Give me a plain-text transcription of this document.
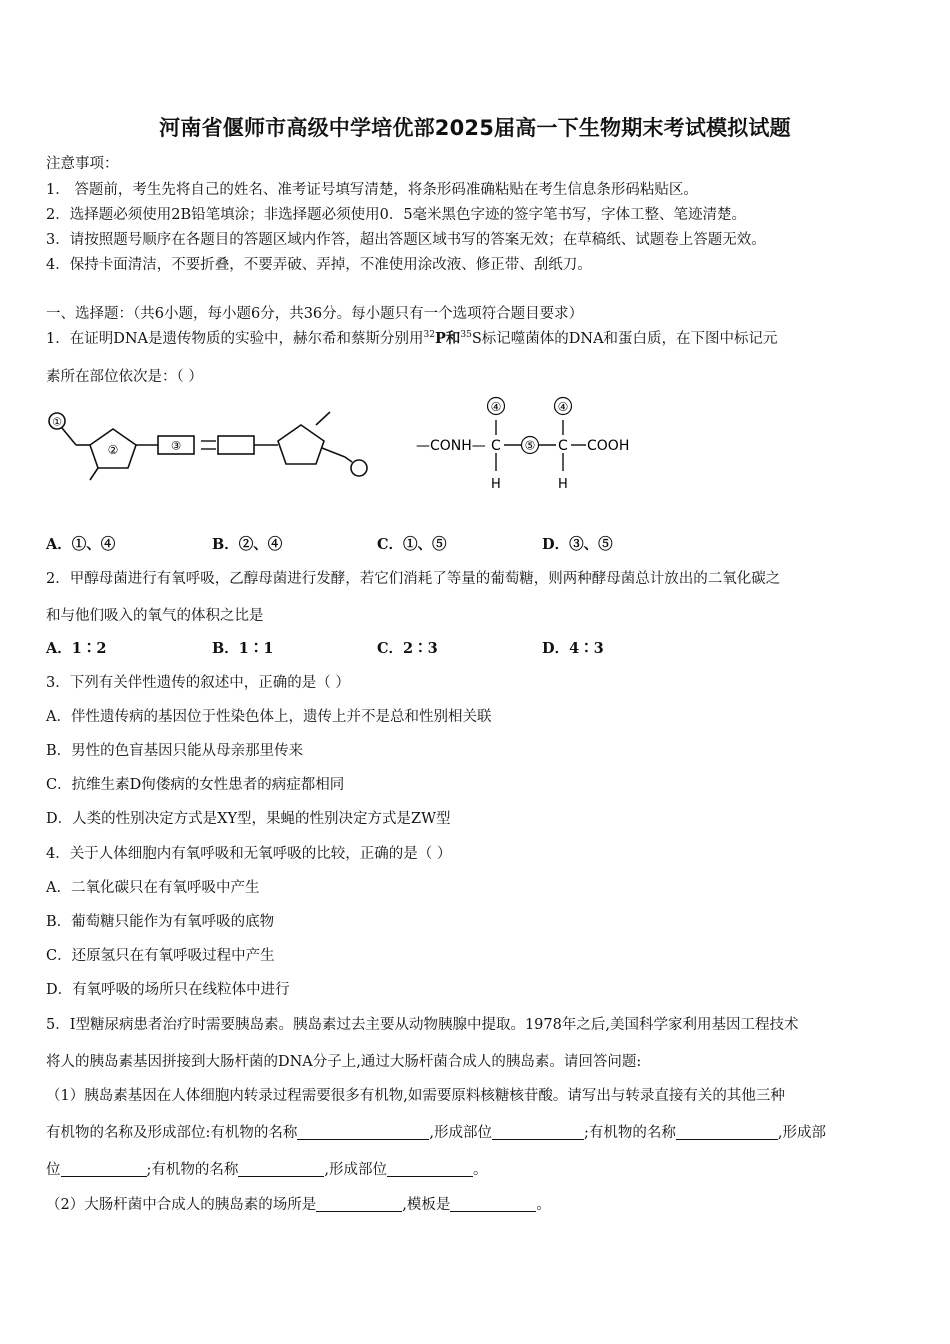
河南省偃师市高级中学培优部2025届高一下生物期末考试模拟试题
注意事项：
1． 答题前，考生先将自己的姓名、准考证号填写清楚，将条形码准确粘贴在考生信息条形码粘贴区。
2．选择题必须使用2B铅笔填涂；非选择题必须使用0．5毫米黑色字迹的签字笔书写，字体工整、笔迹清楚。
3．请按照题号顺序在各题目的答题区域内作答，超出答题区域书写的答案无效；在草稿纸、试题卷上答题无效。
4．保持卡面清洁，不要折叠，不要弄破、弄掉，不准使用涂改液、修正带、刮纸刀。
一、选择题：（共6小题，每小题6分，共36分。每小题只有一个选项符合题目要求）
1．在证明DNA是遗传物质的实验中，赫尔希和蔡斯分别用$^{32}$P和$^{35}$S标记噬菌体的DNA和蛋白质，在下图中标记元
素所在部位依次是：（ ）
①
②	③	—CONH— C
④
H
⑤ C
④
H
COOH
A．①、④	B．②、④	C．①、⑤	D．③、⑤
2．甲醇母菌进行有氧呼吸，乙醇母菌进行发酵，若它们消耗了等量的葡萄糖，则两种酵母菌总计放出的二氧化碳之
和与他们吸入的氧气的体积之比是
A．1∶2	B．1∶1	C．2∶3	D．4∶3
3．下列有关伴性遗传的叙述中，正确的是（ ）
A．伴性遗传病的基因位于性染色体上，遗传上并不是总和性别相关联
B．男性的色盲基因只能从母亲那里传来
C．抗维生素D佝偻病的女性患者的病症都相同
D．人类的性别决定方式是XY型，果蝇的性别决定方式是ZW型
4．关于人体细胞内有氧呼吸和无氧呼吸的比较，正确的是（ ）
A．二氧化碳只在有氧呼吸中产生
B．葡萄糖只能作为有氧呼吸的底物
C．还原氢只在有氧呼吸过程中产生
D．有氧呼吸的场所只在线粒体中进行
5．Ⅰ型糖尿病患者治疗时需要胰岛素。胰岛素过去主要从动物胰腺中提取。1978年之后,美国科学家利用基因工程技术
将人的胰岛素基因拼接到大肠杆菌的DNA分子上,通过大肠杆菌合成人的胰岛素。请回答问题:
（1）胰岛素基因在人体细胞内转录过程需要很多有机物,如需要原料核糖核苷酸。请写出与转录直接有关的其他三种
有机物的名称及形成部位:有机物的名称	,形成部位	;有机物的名称	,形成部
位	;有机物的名称	,形成部位	。
（2）大肠杆菌中合成人的胰岛素的场所是	,模板是	。
